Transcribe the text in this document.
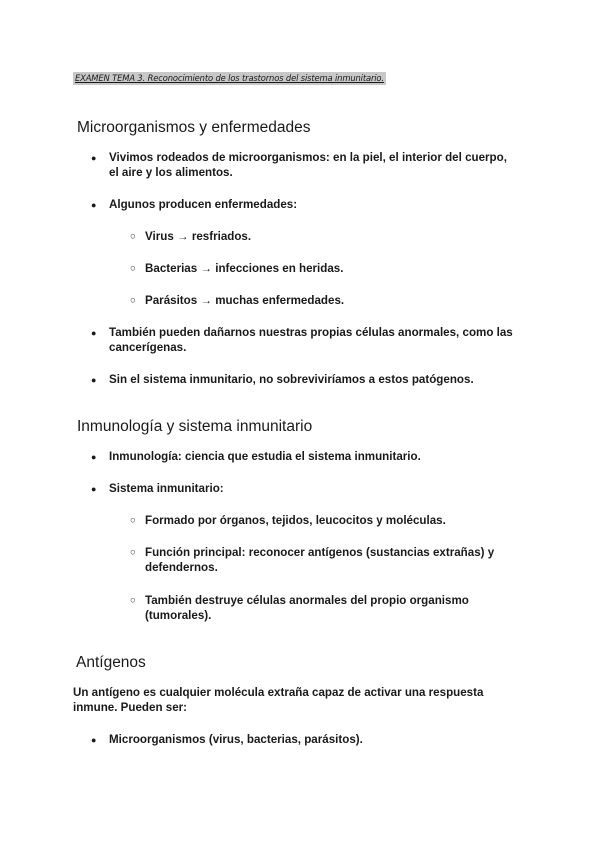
EXAMEN TEMA 3. Reconocimiento de los trastornos del sistema inmunitario.
Microorganismos y enfermedades
● Vivimos rodeados de microorganismos: en la piel, el interior del cuerpo,
el aire y los alimentos.
● Algunos producen enfermedades:
○ Virus → resfriados.
○ Bacterias → infecciones en heridas.
○ Parásitos → muchas enfermedades.
● También pueden dañarnos nuestras propias células anormales, como las
cancerígenas.
● Sin el sistema inmunitario, no sobreviviríamos a estos patógenos.
Inmunología y sistema inmunitario
● Inmunología: ciencia que estudia el sistema inmunitario.
● Sistema inmunitario:
○ Formado por órganos, tejidos, leucocitos y moléculas.
○ Función principal: reconocer antígenos (sustancias extrañas) y
defendernos.
○ También destruye células anormales del propio organismo
(tumorales).
Antígenos
Un antígeno es cualquier molécula extraña capaz de activar una respuesta
inmune. Pueden ser:
● Microorganismos (virus, bacterias, parásitos).
